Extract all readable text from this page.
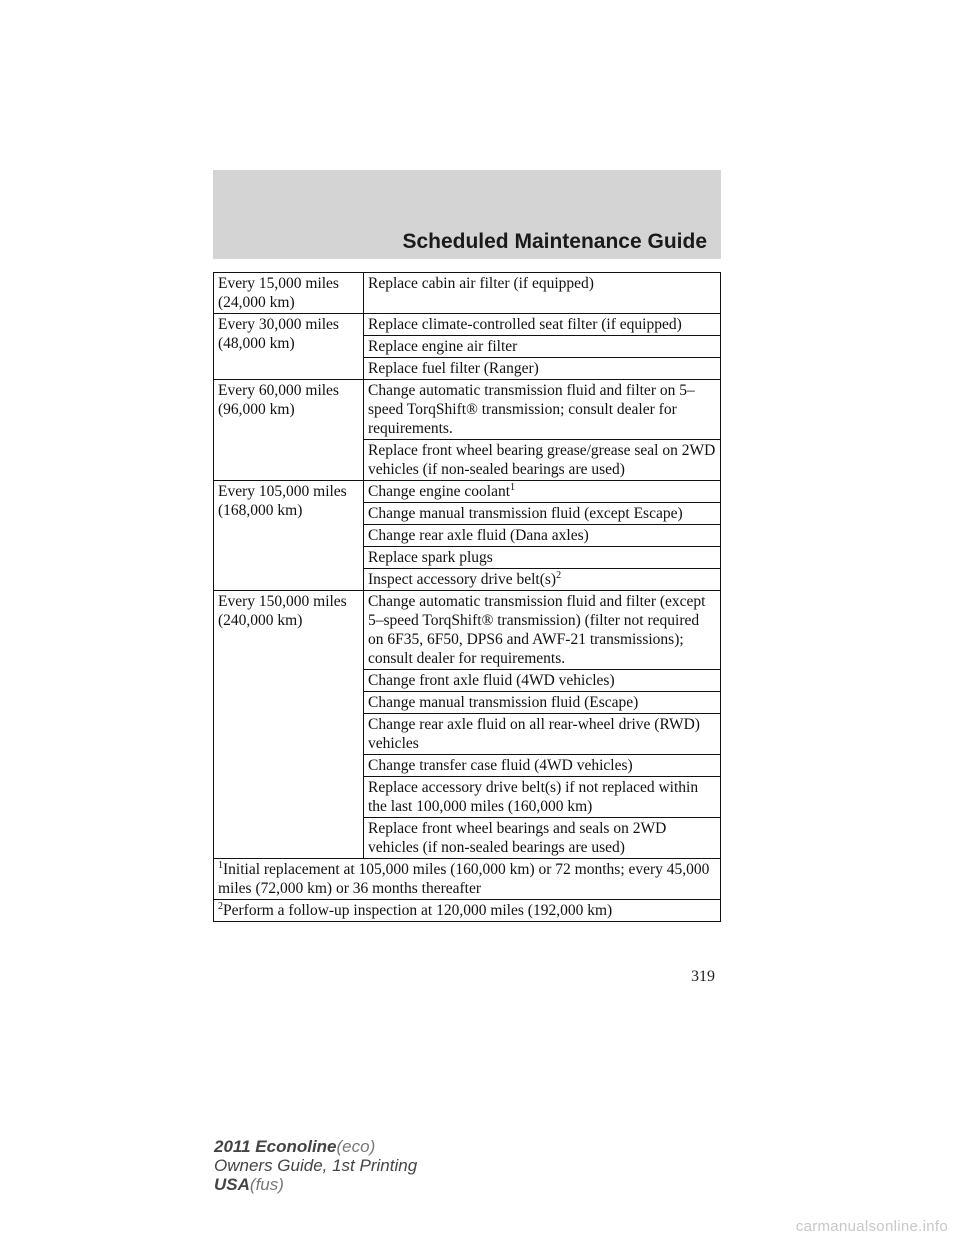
Scheduled Maintenance Guide
Every 15,000 miles (24,000 km)	Replace cabin air filter (if equipped)
Every 30,000 miles (48,000 km)	Replace climate-controlled seat filter (if equipped)
	Replace engine air filter
	Replace fuel filter (Ranger)
Every 60,000 miles (96,000 km)	Change automatic transmission fluid and filter on 5–speed TorqShift® transmission; consult dealer for requirements.
	Replace front wheel bearing grease/grease seal on 2WD vehicles (if non-sealed bearings are used)
Every 105,000 miles (168,000 km)	Change engine coolant$^1$
	Change manual transmission fluid (except Escape)
	Change rear axle fluid (Dana axles)
	Replace spark plugs
	Inspect accessory drive $belt(s)^2$
Every 150,000 miles (240,000 km)	Change automatic transmission fluid and filter (except 5–speed TorqShift® transmission) (filter not required on 6F35, 6F50, DPS6 and AWF-21 transmissions); consult dealer for requirements.
	Change front axle fluid (4WD vehicles)
	Change manual transmission fluid (Escape)
	Change rear axle fluid on all rear-wheel drive (RWD) vehicles
	Change transfer case fluid (4WD vehicles)
	Replace accessory drive belt(s) if not replaced within the last 100,000 miles (160,000 km)
	Replace front wheel bearings and seals on 2WD vehicles (if non-sealed bearings are used)
$^1$Initial replacement at 105,000 miles (160,000 km) or 72 months; every 45,000 miles (72,000 km) or 36 months thereafter	
$^2$Perform a follow-up inspection at 120,000 miles (192,000 km)	
319
2011 Econoline(eco)
Owners Guide, 1st Printing
USA(fus)
carmanualsonline.info
